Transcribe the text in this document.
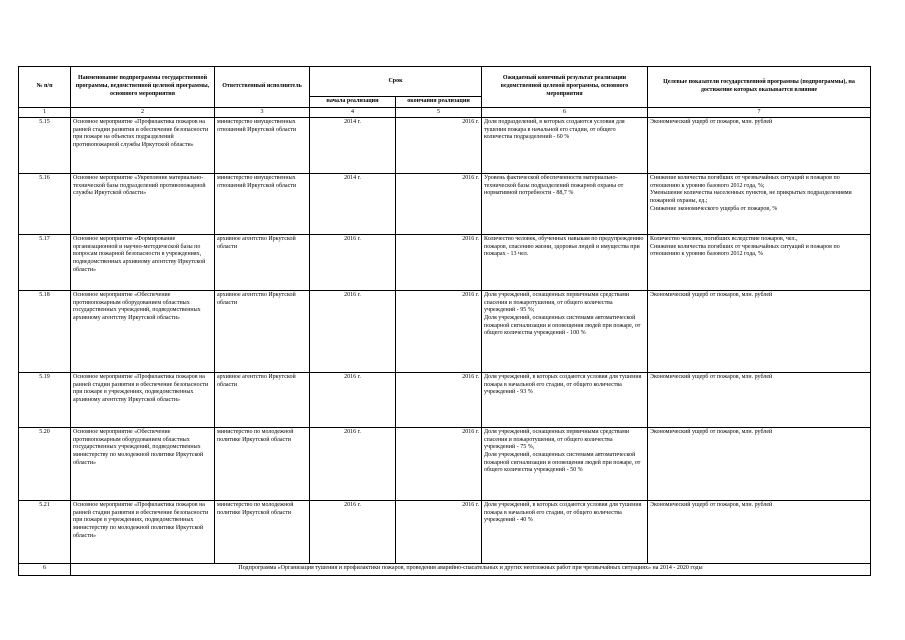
№ п/п	Наименование подпрограммы государственной программы, ведомственной целевой программы, основного мероприятия	Ответственный исполнитель	Срок		Ожидаемый конечный результат реализации ведомственной целевой программы, основного мероприятия	Целевые показатели государственной программы (подпрограммы), на достижение которых оказывается влияние
			начала реализации	окончания реализации		
1	2	3	4	5	6	7
5.15	Основное мероприятие «Профилактика пожаров на ранней стадии развития и обеспечение безопасности при пожаре на объектах подразделений противопожарной службы Иркутской области»	министерство имущественных отношений Иркутской области	2014 г.	2016 г.	Доля подразделений, в которых создаются условия для тушения пожара в начальной его стадии, от общего количества подразделений - 60 %	Экономический ущерб от пожаров, млн. рублей

5.16	Основное мероприятие «Укрепление материально-технической базы подразделений противопожарной службы Иркутской области»	министерство имущественных отношений Иркутской области	2014 г.	2016 г.	Уровень фактической обеспеченности материально-технической базы подразделений пожарной охраны от нормативной потребности - 88,7 %	Снижение количества погибших от чрезвычайных ситуаций и пожаров по отношению к уровню базового 2012 года, %;
Уменьшение количества населенных пунктов, не прикрытых подразделениями пожарной охраны, ед.;
Снижение экономического ущерба от пожаров, %

5.17	Основное мероприятие «Формирование организационной и научно-методической базы по вопросам пожарной безопасности в учреждениях, подведомственных архивному агентству Иркутской области»	архивное агентство Иркутской области	2016 г.	2016 г.	Количество человек, обученных навыкам по предупреждению пожаров, спасению жизни, здоровья людей и имущества при пожарах - 13 чел.	Количество человек, погибших вследствие пожаров, чел.,
Снижение количества погибших от чрезвычайных ситуаций и пожаров по отношению к уровню базового 2012 года, %

5.18	Основное мероприятие «Обеспечение противопожарным оборудованием областных государственных учреждений, подведомственных архивному агентству Иркутской области»	архивное агентство Иркутской области	2016 г.	2016 г.	Доля учреждений, оснащенных первичными средствами спасения и пожаротушения, от общего количества учреждений - 95 %;
Доля учреждений, оснащенных системами автоматической пожарной сигнализации и оповещения людей при пожаре, от общего количества учреждений - 100 %	Экономический ущерб от пожаров, млн. рублей

5.19	Основное мероприятие «Профилактика пожаров на ранней стадии развития и обеспечение безопасности при пожаре в учреждениях, подведомственных архивному агентству Иркутской области»	архивное агентство Иркутской области	2016 г.	2016 г.	Доля учреждений, в которых создаются условия для тушения пожара в начальной его стадии, от общего количества учреждений - 93 %	Экономический ущерб от пожаров, млн. рублей

5.20	Основное мероприятие «Обеспечение противопожарным оборудованием областных государственных учреждений, подведомственных министерству по молодежной политике Иркутской области»	министерство по молодежной политике Иркутской области	2016 г.	2016 г.	Доля учреждений, оснащенных первичными средствами спасения и пожаротушения, от общего количества учреждений - 75 %,
Доля учреждений, оснащенных системами автоматической пожарной сигнализации и оповещения людей при пожаре, от общего количества учреждений - 50 %	Экономический ущерб от пожаров, млн. рублей

5.21	Основное мероприятие «Профилактика пожаров на ранней стадии развития и обеспечение безопасности при пожаре в учреждениях, подведомственных министерству по молодежной политике Иркутской области»	министерство по молодежной политике Иркутской области	2016 г.	2016 г.	Доля учреждений, в которых создаются условия для тушения пожара в начальной его стадии, от общего количества учреждений - 40 %	Экономический ущерб от пожаров, млн. рублей

6	Подпрограмма «Организация тушения и профилактики пожаров, проведения аварийно-спасательных и других неотложных работ при чрезвычайных ситуациях» на 2014 - 2020 годы					
